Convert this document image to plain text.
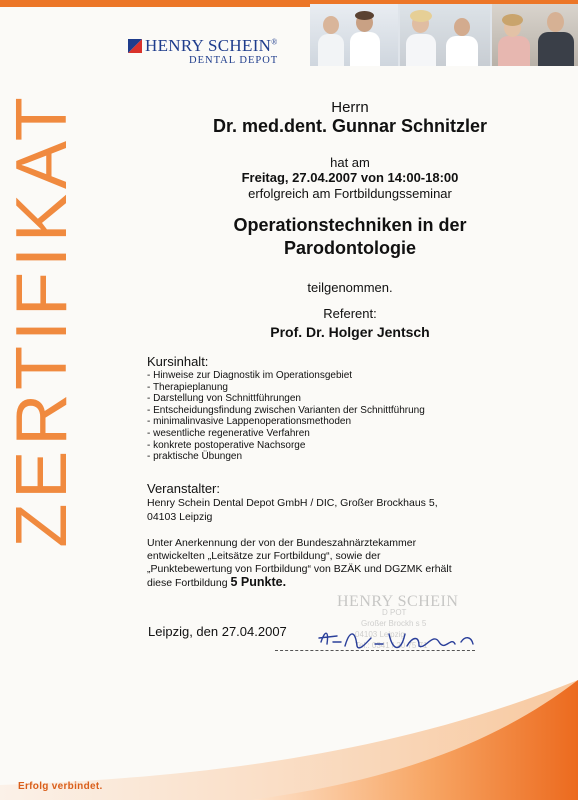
ZERTIFIKAT
HENRY SCHEIN®
DENTAL DEPOT
Herrn
Dr. med.dent. Gunnar Schnitzler
hat am
Freitag, 27.04.2007 von 14:00-18:00
erfolgreich am Fortbildungsseminar
Operationstechniken in der
Parodontologie
teilgenommen.
Referent:
Prof. Dr. Holger Jentsch
Kursinhalt:
- Hinweise zur Diagnostik im Operationsgebiet
- Therapieplanung
- Darstellung von Schnittführungen
- Entscheidungsfindung zwischen Varianten der Schnittführung
- minimalinvasive Lappenoperationsmethoden
- wesentliche regenerative Verfahren
- konkrete postoperative Nachsorge
- praktische Übungen
Veranstalter:
Henry Schein Dental Depot GmbH / DIC, Großer Brockhaus 5,
04103 Leipzig
Unter Anerkennung der von der Bundeszahnärztekammer
entwickelten „Leitsätze zur Fortbildung“, sowie der
„Punktebewertung von Fortbildung“ von BZÄK und DGZMK erhält
diese Fortbildung 5 Punkte.
HENRY SCHEIN
D POT
Großer Brockh s 5
04103 Leipzig
Tel.: 0341 / 20 75 71
Leipzig, den 27.04.2007
Erfolg verbindet.
